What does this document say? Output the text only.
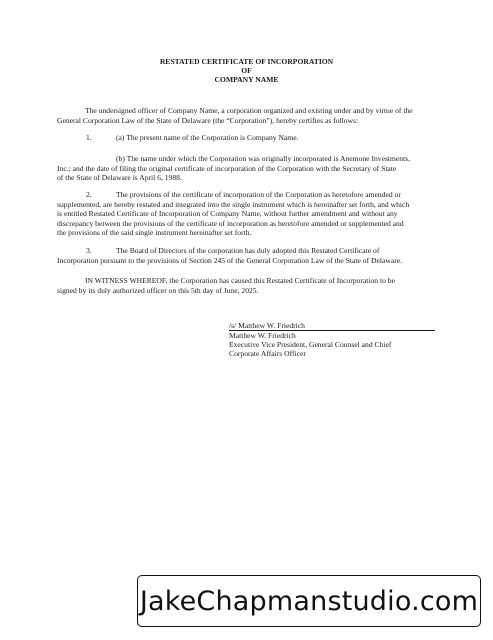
RESTATED CERTIFICATE OF INCORPORATION
OF
COMPANY NAME
The undersigned officer of Company Name, a corporation organized and existing under and by virtue of the
General Corporation Law of the State of Delaware (the “Corporation”), hereby certifies as follows:
1.	(a) The present name of the Corporation is Company Name.
(b) The name under which the Corporation was originally incorporated is Anemone Investments,
Inc.; and the date of filing the original certificate of incorporation of the Corporation with the Secretary of State
of the State of Delaware is April 6, 1988.
2.	The provisions of the certificate of incorporation of the Corporation as heretofore amended or
supplemented, are hereby restated and integrated into the single instrument which is hereinafter set forth, and which
is entitled Restated Certificate of Incorporation of Company Name, without further amendment and without any
discrepancy between the provisions of the certificate of incorporation as heretofore amended or supplemented and
the provisions of the said single instrument hereinafter set forth.
3.	The Board of Directors of the corporation has duly adopted this Restated Certificate of
Incorporation pursuant to the provisions of Section 245 of the General Corporation Law of the State of Delaware.
IN WITNESS WHEREOF, the Corporation has caused this Restated Certificate of Incorporation to be
signed by its duly authorized officer on this 5th day of June, 2025.
/s/ Matthew W. Friedrich
Matthew W. Friedrich
Executive Vice President, General Counsel and Chief
Corporate Affairs Officer
JakeChapmanstudio.com
